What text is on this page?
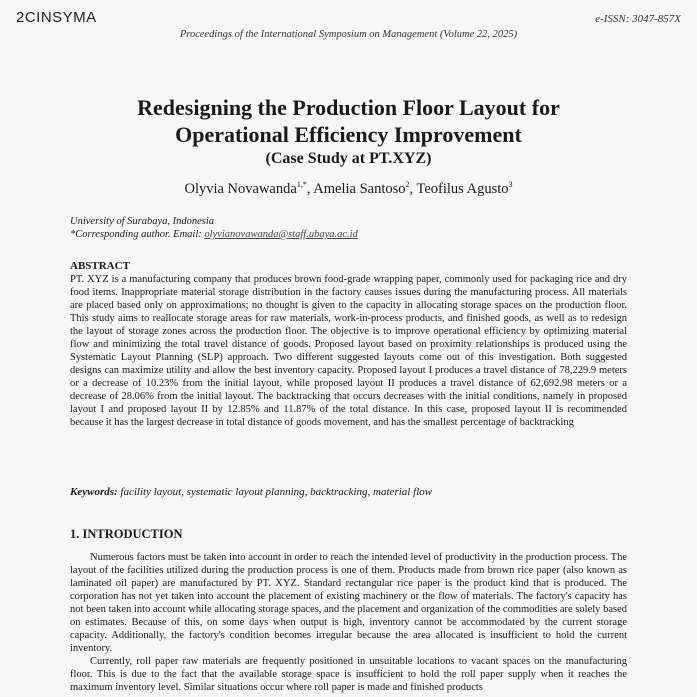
2CINSYMA	e-ISSN: 3047-857X
Proceedings of the International Symposium on Management (Volume 22, 2025)
Redesigning the Production Floor Layout for
Operational Efficiency Improvement
(Case Study at PT.XYZ)
Olyvia Novawanda$^{1,*}$, Amelia Santoso$^2$, Teofilus Agusto$^3$
University of Surabaya, Indonesia
*Corresponding author. Email: olyvianovawanda@staff.ubaya.ac.id
ABSTRACT
PT. XYZ is a manufacturing company that produces brown food-grade wrapping paper, commonly used for packaging rice and dry food items. Inappropriate material storage distribution in the factory causes issues during the manufacturing process. All materials are placed based only on approximations; no thought is given to the capacity in allocating storage spaces on the production floor. This study aims to reallocate storage areas for raw materials, work-in-process products, and finished goods, as well as to redesign the layout of storage zones across the production floor. The objective is to improve operational efficiency by optimizing material flow and minimizing the total travel distance of goods. Proposed layout based on proximity relationships is produced using the Systematic Layout Planning (SLP) approach. Two different suggested layouts come out of this investigation. Both suggested designs can maximize utility and allow the best inventory capacity. Proposed layout I produces a travel distance of 78,229.9 meters or a decrease of 10.23% from the initial layout, while proposed layout II produces a travel distance of 62,692.98 meters or a decrease of 28.06% from the initial layout. The backtracking that occurs decreases with the initial conditions, namely in proposed layout I and proposed layout II by 12.85% and 11.87% of the total distance. In this case, proposed layout II is recommended because it has the largest decrease in total distance of goods movement, and has the smallest percentage of backtracking
Keywords: facility layout, systematic layout planning, backtracking, material flow
1. INTRODUCTION

Numerous factors must be taken into account in order to reach the intended level of productivity in the production process. The layout of the facilities utilized during the production process is one of them. Products made from brown rice paper (also known as laminated oil paper) are manufactured by PT. XYZ. Standard rectangular rice paper is the product kind that is produced. The corporation has not yet taken into account the placement of existing machinery or the flow of materials. The factory's capacity has not been taken into account while allocating storage spaces, and the placement and organization of the commodities are solely based on estimates. Because of this, on some days when output is high, inventory cannot be accommodated by the current storage capacity. Additionally, the factory's condition becomes irregular because the area allocated is insufficient to hold the current inventory.

Currently, roll paper raw materials are frequently positioned in unsuitable locations to vacant spaces on the manufacturing floor. This is due to the fact that the available storage space is insufficient to hold the roll paper supply when it reaches the maximum inventory level. Similar situations occur where roll paper is made and finished products
